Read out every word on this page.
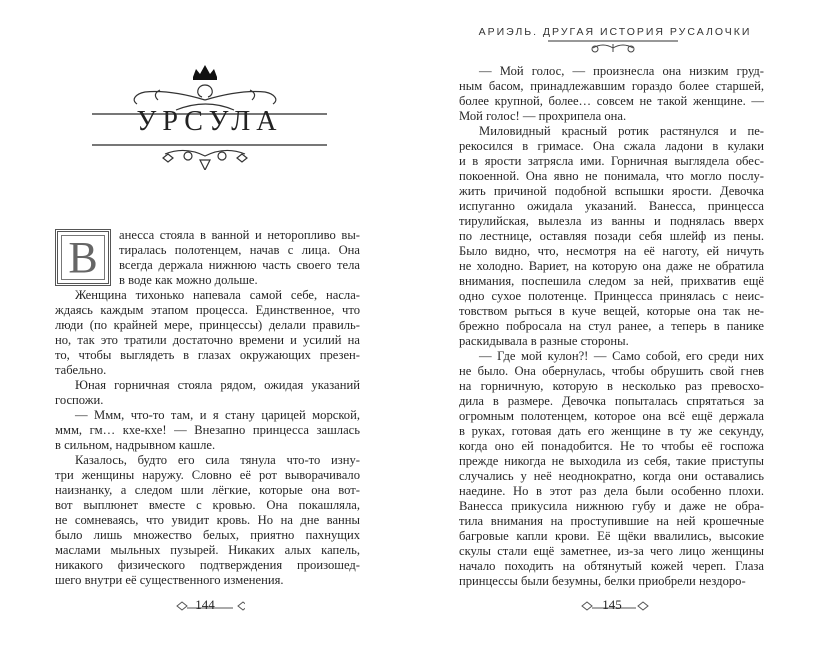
УРСУЛА
В	анесса стояла в ванной и неторопливо вы-
тиралась полотенцем, начав с лица. Она
всегда держала нижнюю часть своего тела
в воде как можно дольше.
Женщина тихонько напевала самой себе, насла-
ждаясь каждым этапом процесса. Единственное, что
люди (по крайней мере, принцессы) делали правиль-
но, так это тратили достаточно времени и усилий на
то, чтобы выглядеть в глазах окружающих презен-
табельно.
Юная горничная стояла рядом, ожидая указаний
госпожи.
— Ммм, что-то там, и я стану царицей морской,
ммм, гм… кхе-кхе! — Внезапно принцесса зашлась
в сильном, надрывном кашле.
Казалось, будто его сила тянула что-то изну-
три женщины наружу. Словно её рот выворачивало
наизнанку, а следом шли лёгкие, которые она вот-
вот выплюнет вместе с кровью. Она покашляла,
не сомневаясь, что увидит кровь. Но на дне ванны
было лишь множество белых, приятно пахнущих
маслами мыльных пузырей. Никаких алых капель,
никакого физического подтверждения произошед-
шего внутри её существенного изменения.
144
АРИЭЛЬ. ДРУГАЯ ИСТОРИЯ РУСАЛОЧКИ
— Мой голос, — произнесла она низким груд-
ным басом, принадлежавшим гораздо более старшей,
более крупной, более… совсем не такой женщине. —
Мой голос! — прохрипела она.
Миловидный красный ротик растянулся и пе-
рекосился в гримасе. Она сжала ладони в кулаки
и в ярости затрясла ими. Горничная выглядела обес-
покоенной. Она явно не понимала, что могло послу-
жить причиной подобной вспышки ярости. Девочка
испуганно ожидала указаний. Ванесса, принцесса
тирулийская, вылезла из ванны и поднялась вверх
по лестнице, оставляя позади себя шлейф из пены.
Было видно, что, несмотря на её наготу, ей ничуть
не холодно. Вариет, на которую она даже не обратила
внимания, поспешила следом за ней, прихватив ещё
одно сухое полотенце. Принцесса принялась с неис-
товством рыться в куче вещей, которые она так не-
брежно побросала на стул ранее, а теперь в панике
раскидывала в разные стороны.
— Где мой кулон?! — Само собой, его среди них
не было. Она обернулась, чтобы обрушить свой гнев
на горничную, которую в несколько раз превосхо-
дила в размере. Девочка попыталась спрятаться за
огромным полотенцем, которое она всё ещё держала
в руках, готовая дать его женщине в ту же секунду,
когда оно ей понадобится. Не то чтобы её госпожа
прежде никогда не выходила из себя, такие приступы
случались у неё неоднократно, когда они оставались
наедине. Но в этот раз дела были особенно плохи.
Ванесса прикусила нижнюю губу и даже не обра-
тила внимания на проступившие на ней крошечные
багровые капли крови. Её щёки ввалились, высокие
скулы стали ещё заметнее, из-за чего лицо женщины
начало походить на обтянутый кожей череп. Глаза
принцессы были безумны, белки приобрели нездоро-
145
